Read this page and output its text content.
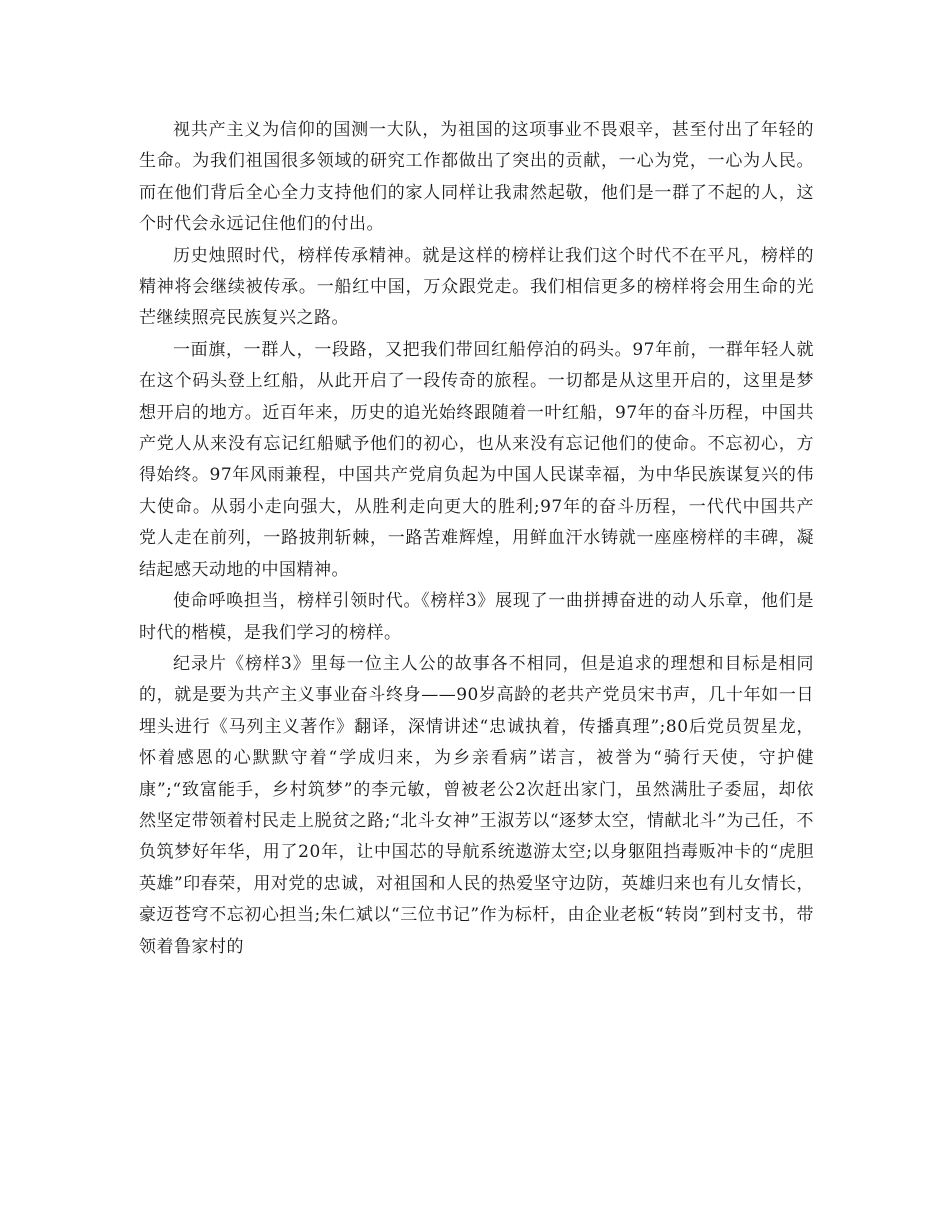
视共产主义为信仰的国测一大队，为祖国的这项事业不畏艰辛，甚至付出了年轻的生命。为我们祖国很多领域的研究工作都做出了突出的贡献，一心为党，一心为人民。而在他们背后全心全力支持他们的家人同样让我肃然起敬，他们是一群了不起的人，这个时代会永远记住他们的付出。

历史烛照时代，榜样传承精神。就是这样的榜样让我们这个时代不在平凡，榜样的精神将会继续被传承。一船红中国，万众跟党走。我们相信更多的榜样将会用生命的光芒继续照亮民族复兴之路。

一面旗，一群人，一段路，又把我们带回红船停泊的码头。97年前，一群年轻人就在这个码头登上红船，从此开启了一段传奇的旅程。一切都是从这里开启的，这里是梦想开启的地方。近百年来，历史的追光始终跟随着一叶红船，97年的奋斗历程，中国共产党人从来没有忘记红船赋予他们的初心，也从来没有忘记他们的使命。不忘初心，方得始终。97年风雨兼程，中国共产党肩负起为中国人民谋幸福，为中华民族谋复兴的伟大使命。从弱小走向强大，从胜利走向更大的胜利;97年的奋斗历程，一代代中国共产党人走在前列，一路披荆斩棘，一路苦难辉煌，用鲜血汗水铸就一座座榜样的丰碑，凝结起感天动地的中国精神。

使命呼唤担当，榜样引领时代。《榜样3》展现了一曲拼搏奋进的动人乐章，他们是时代的楷模，是我们学习的榜样。

纪录片《榜样3》里每一位主人公的故事各不相同，但是追求的理想和目标是相同的，就是要为共产主义事业奋斗终身——90岁高龄的老共产党员宋书声，几十年如一日埋头进行《马列主义著作》翻译，深情讲述“忠诚执着，传播真理”;80后党员贺星龙，怀着感恩的心默默守着“学成归来，为乡亲看病”诺言，被誉为“骑行天使，守护健康”;“致富能手，乡村筑梦”的李元敏，曾被老公2次赶出家门，虽然满肚子委屈，却依然坚定带领着村民走上脱贫之路;“北斗女神”王淑芳以“逐梦太空，情献北斗”为己任，不负筑梦好年华，用了20年，让中国芯的导航系统遨游太空;以身躯阻挡毒贩冲卡的“虎胆英雄”印春荣，用对党的忠诚，对祖国和人民的热爱坚守边防，英雄归来也有儿女情长，豪迈苍穹不忘初心担当;朱仁斌以“三位书记”作为标杆，由企业老板“转岗”到村支书，带领着鲁家村的
